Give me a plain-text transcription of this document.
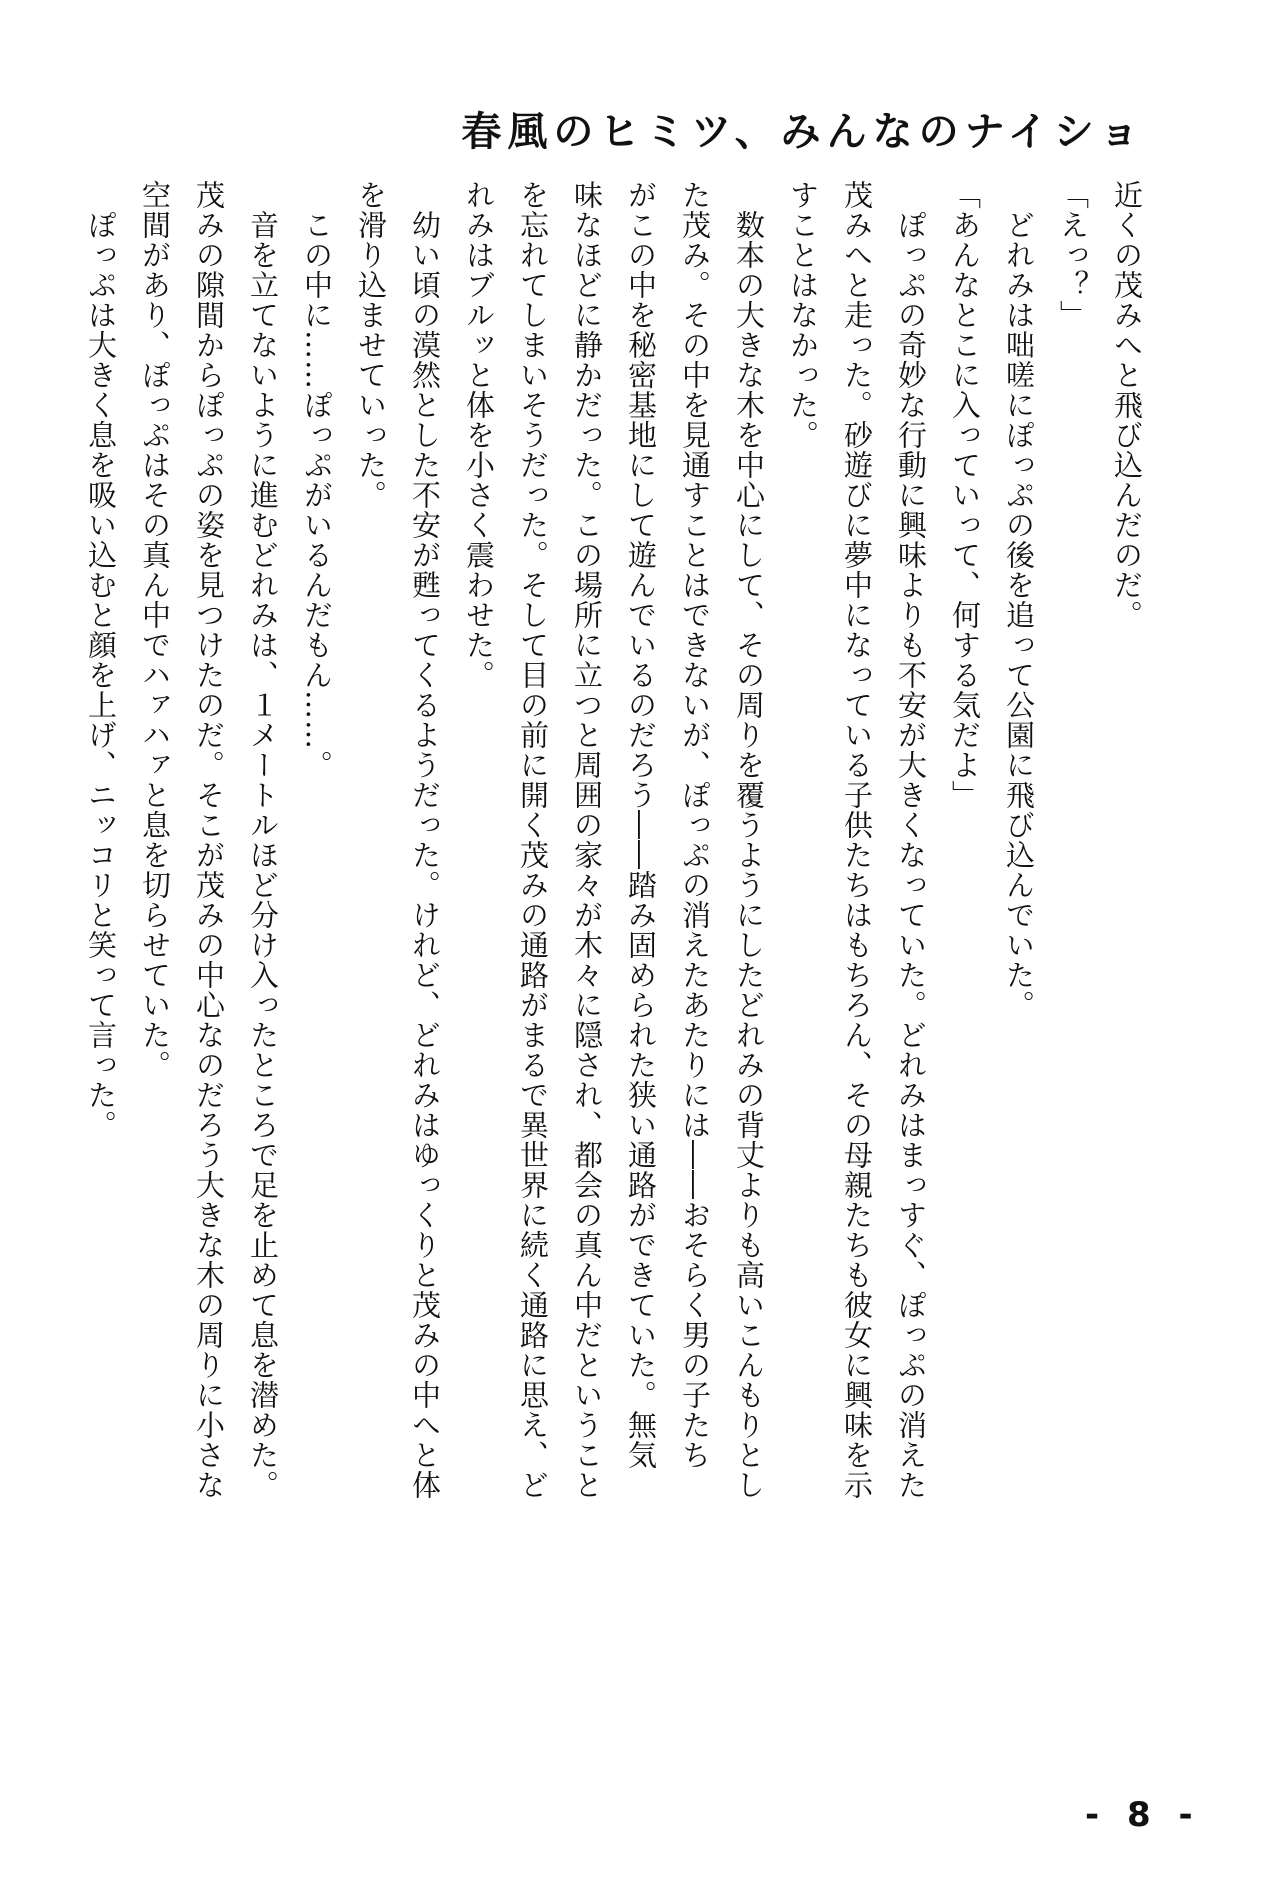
春風のヒミツ、みんなのナイショ
近くの茂みへと飛び込んだのだ。
「えっ？」
　どれみは咄嗟にぽっぷの後を追って公園に飛び込んでいた。
「あんなとこに入っていって、何する気だよ」
　ぽっぷの奇妙な行動に興味よりも不安が大きくなっていた。どれみはまっすぐ、ぽっぷの消えた
茂みへと走った。砂遊びに夢中になっている子供たちはもちろん、その母親たちも彼女に興味を示
すことはなかった。
　数本の大きな木を中心にして、その周りを覆うようにしたどれみの背丈よりも高いこんもりとし
た茂み。その中を見通すことはできないが、ぽっぷの消えたあたりには――おそらく男の子たち
がこの中を秘密基地にして遊んでいるのだろう――踏み固められた狭い通路ができていた。無気
味なほどに静かだった。この場所に立つと周囲の家々が木々に隠され、都会の真ん中だということ
を忘れてしまいそうだった。そして目の前に開く茂みの通路がまるで異世界に続く通路に思え、ど
れみはブルッと体を小さく震わせた。
　幼い頃の漠然とした不安が甦ってくるようだった。けれど、どれみはゆっくりと茂みの中へと体
を滑り込ませていった。
　この中に……ぽっぷがいるんだもん……。
　音を立てないように進むどれみは、１メートルほど分け入ったところで足を止めて息を潜めた。
茂みの隙間からぽっぷの姿を見つけたのだ。そこが茂みの中心なのだろう大きな木の周りに小さな
空間があり、ぽっぷはその真ん中でハァハァと息を切らせていた。
　ぽっぷは大きく息を吸い込むと顔を上げ、ニッコリと笑って言った。
- 8 -
